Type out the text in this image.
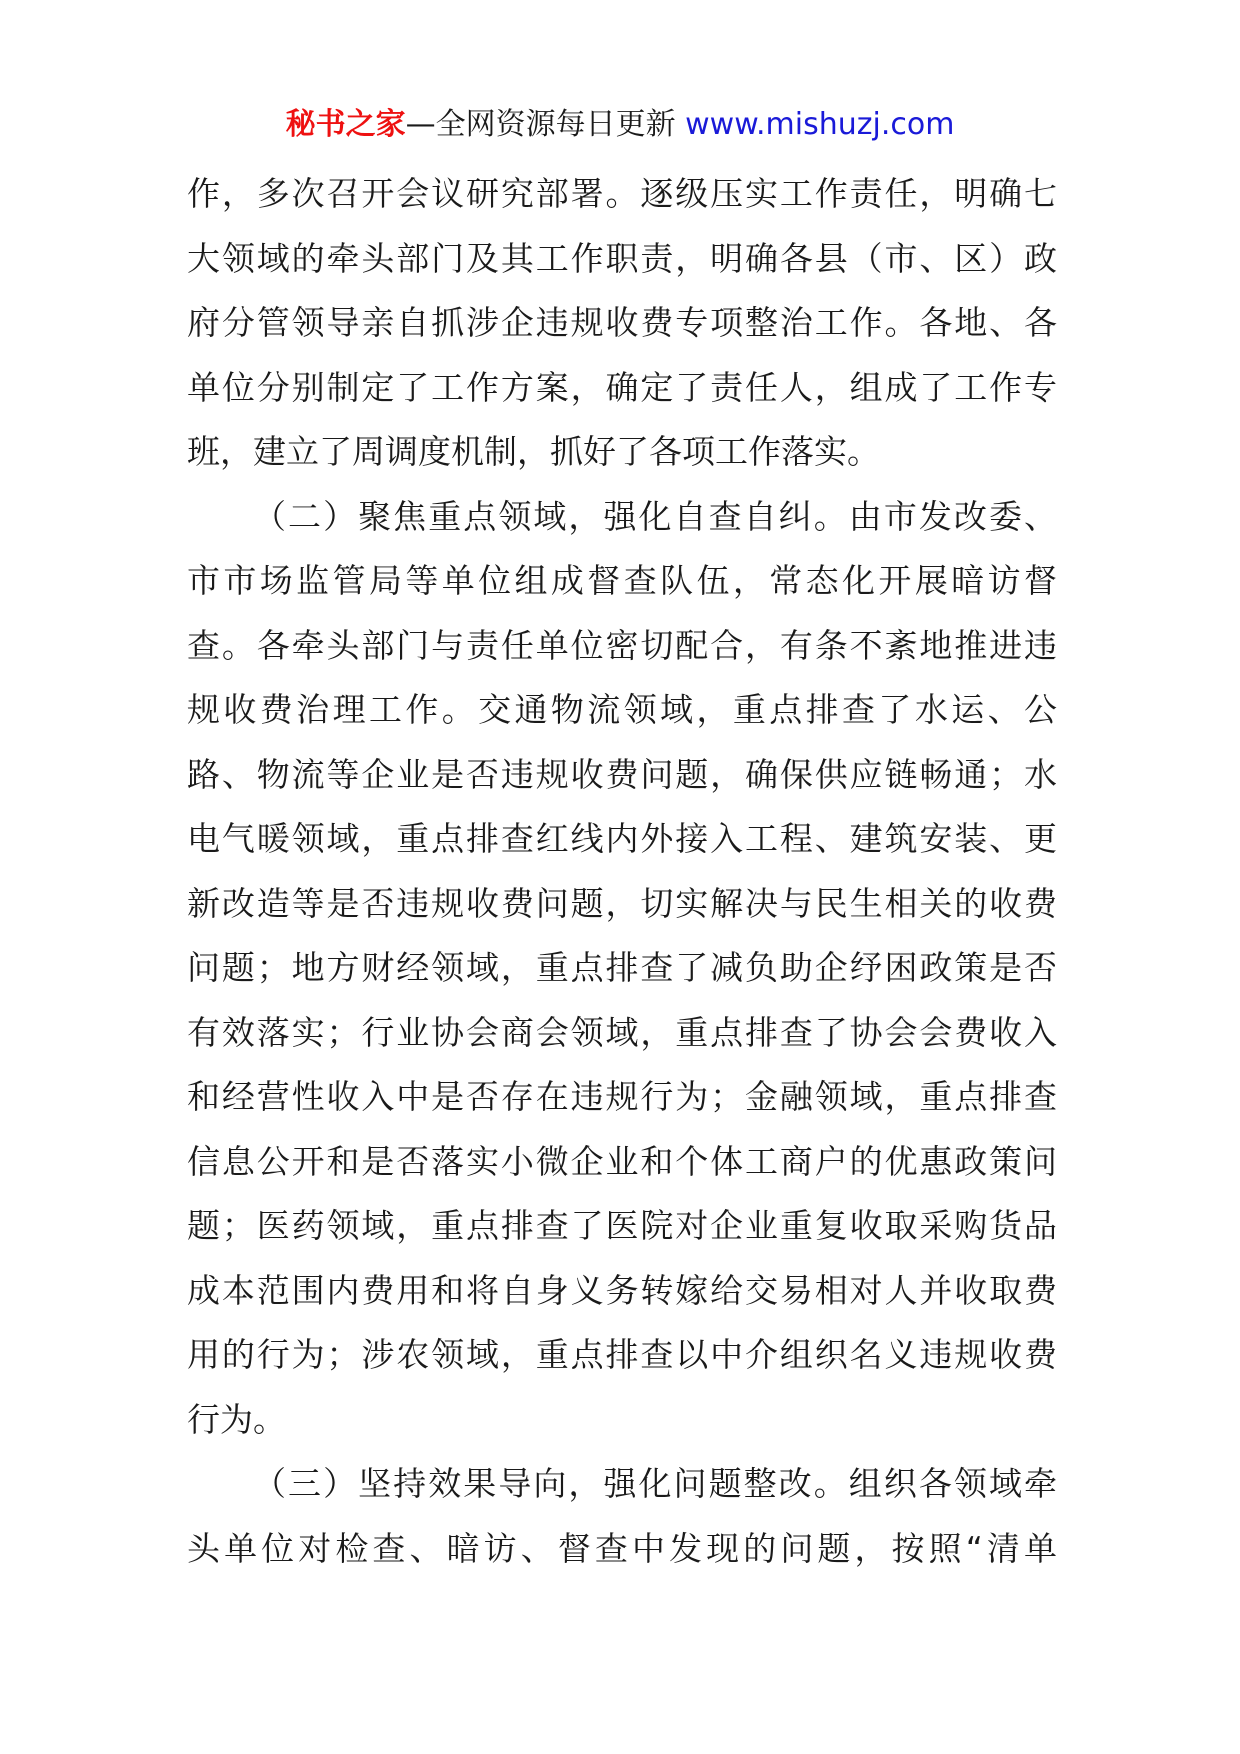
秘书之家—全网资源每日更新 www.mishuzj.com
作，多次召开会议研究部署。逐级压实工作责任，明确七
大领域的牵头部门及其工作职责，明确各县（市、区）政
府分管领导亲自抓涉企违规收费专项整治工作。各地、各
单位分别制定了工作方案，确定了责任人，组成了工作专
班，建立了周调度机制，抓好了各项工作落实。
（二）聚焦重点领域，强化自查自纠。由市发改委、
市市场监管局等单位组成督查队伍，常态化开展暗访督
查。各牵头部门与责任单位密切配合，有条不紊地推进违
规收费治理工作。交通物流领域，重点排查了水运、公
路、物流等企业是否违规收费问题，确保供应链畅通；水
电气暖领域，重点排查红线内外接入工程、建筑安装、更
新改造等是否违规收费问题，切实解决与民生相关的收费
问题；地方财经领域，重点排查了减负助企纾困政策是否
有效落实；行业协会商会领域，重点排查了协会会费收入
和经营性收入中是否存在违规行为；金融领域，重点排查
信息公开和是否落实小微企业和个体工商户的优惠政策问
题；医药领域，重点排查了医院对企业重复收取采购货品
成本范围内费用和将自身义务转嫁给交易相对人并收取费
用的行为；涉农领域，重点排查以中介组织名义违规收费
行为。
（三）坚持效果导向，强化问题整改。组织各领域牵
头单位对检查、暗访、督查中发现的问题，按照“清单
